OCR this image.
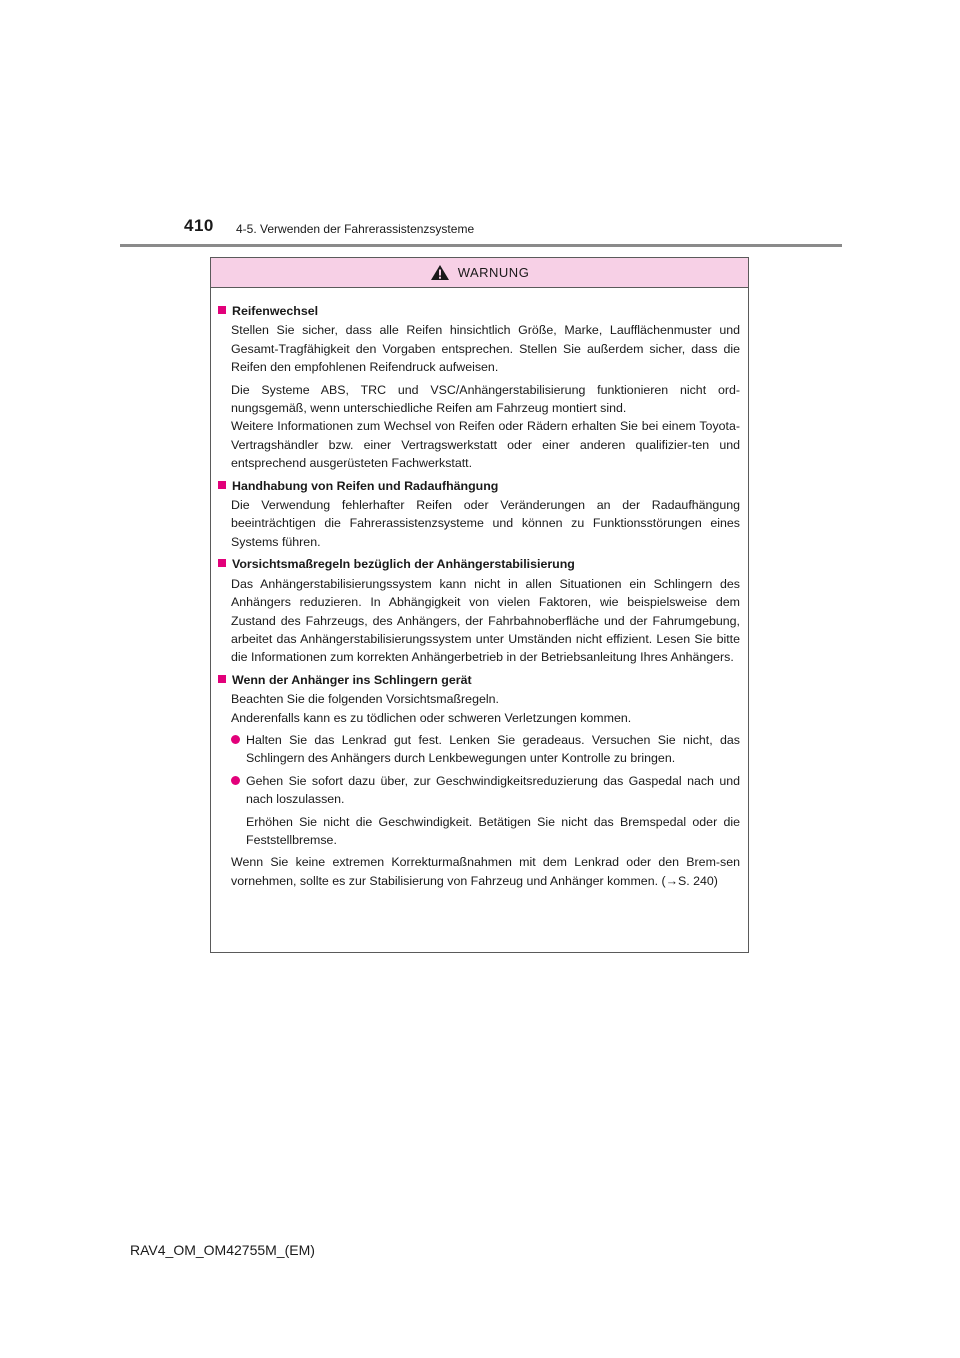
410 4-5. Verwenden der Fahrerassistenzsysteme
WARNUNG
Reifenwechsel

Stellen Sie sicher, dass alle Reifen hinsichtlich Größe, Marke, Laufflächenmuster und Gesamt-Tragfähigkeit den Vorgaben entsprechen. Stellen Sie außerdem sicher, dass die Reifen den empfohlenen Reifendruck aufweisen.

Die Systeme ABS, TRC und VSC/Anhängerstabilisierung funktionieren nicht ord-nungsgemäß, wenn unterschiedliche Reifen am Fahrzeug montiert sind.

Weitere Informationen zum Wechsel von Reifen oder Rädern erhalten Sie bei einem Toyota-Vertragshändler bzw. einer Vertragswerkstatt oder einer anderen qualifizier-ten und entsprechend ausgerüsteten Fachwerkstatt.

Handhabung von Reifen und Radaufhängung

Die Verwendung fehlerhafter Reifen oder Veränderungen an der Radaufhängung beeinträchtigen die Fahrerassistenzsysteme und können zu Funktionsstörungen eines Systems führen.

Vorsichtsmaßregeln bezüglich der Anhängerstabilisierung

Das Anhängerstabilisierungssystem kann nicht in allen Situationen ein Schlingern des Anhängers reduzieren. In Abhängigkeit von vielen Faktoren, wie beispielsweise dem Zustand des Fahrzeugs, des Anhängers, der Fahrbahnoberfläche und der Fahrumgebung, arbeitet das Anhängerstabilisierungssystem unter Umständen nicht effizient. Lesen Sie bitte die Informationen zum korrekten Anhängerbetrieb in der Betriebsanleitung Ihres Anhängers.

Wenn der Anhänger ins Schlingern gerät

Beachten Sie die folgenden Vorsichtsmaßregeln.

Anderenfalls kann es zu tödlichen oder schweren Verletzungen kommen.

Halten Sie das Lenkrad gut fest. Lenken Sie geradeaus. Versuchen Sie nicht, das Schlingern des Anhängers durch Lenkbewegungen unter Kontrolle zu bringen.
Gehen Sie sofort dazu über, zur Geschwindigkeitsreduzierung das Gaspedal nach und nach loszulassen.
Erhöhen Sie nicht die Geschwindigkeit. Betätigen Sie nicht das Bremspedal oder die Feststellbremse.

Wenn Sie keine extremen Korrekturmaßnahmen mit dem Lenkrad oder den Brem-sen vornehmen, sollte es zur Stabilisierung von Fahrzeug und Anhänger kommen. (→S. 240)

RAV4_OM_OM42755M_(EM)
